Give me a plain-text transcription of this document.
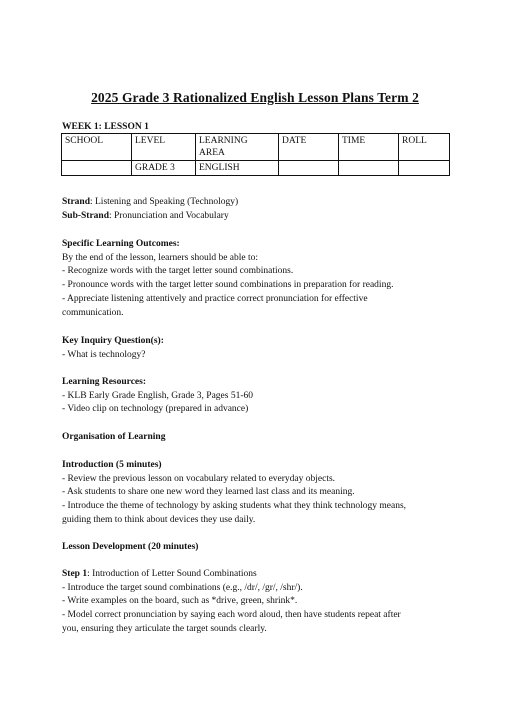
2025 Grade 3 Rationalized English Lesson Plans Term 2
WEEK 1: LESSON 1
SCHOOL	LEVEL	LEARNING AREA	DATE	TIME	ROLL
	GRADE 3	ENGLISH			
Strand: Listening and Speaking (Technology)
Sub-Strand: Pronunciation and Vocabulary
Specific Learning Outcomes:
By the end of the lesson, learners should be able to:
- Recognize words with the target letter sound combinations.
- Pronounce words with the target letter sound combinations in preparation for reading.
- Appreciate listening attentively and practice correct pronunciation for effective
communication.
Key Inquiry Question(s):
- What is technology?
Learning Resources:
- KLB Early Grade English, Grade 3, Pages 51-60
- Video clip on technology (prepared in advance)
Organisation of Learning
Introduction (5 minutes)
- Review the previous lesson on vocabulary related to everyday objects.
- Ask students to share one new word they learned last class and its meaning.
- Introduce the theme of technology by asking students what they think technology means,
guiding them to think about devices they use daily.
Lesson Development (20 minutes)
Step 1: Introduction of Letter Sound Combinations
- Introduce the target sound combinations (e.g., /dr/, /gr/, /shr/).
- Write examples on the board, such as *drive, green, shrink*.
- Model correct pronunciation by saying each word aloud, then have students repeat after
you, ensuring they articulate the target sounds clearly.
